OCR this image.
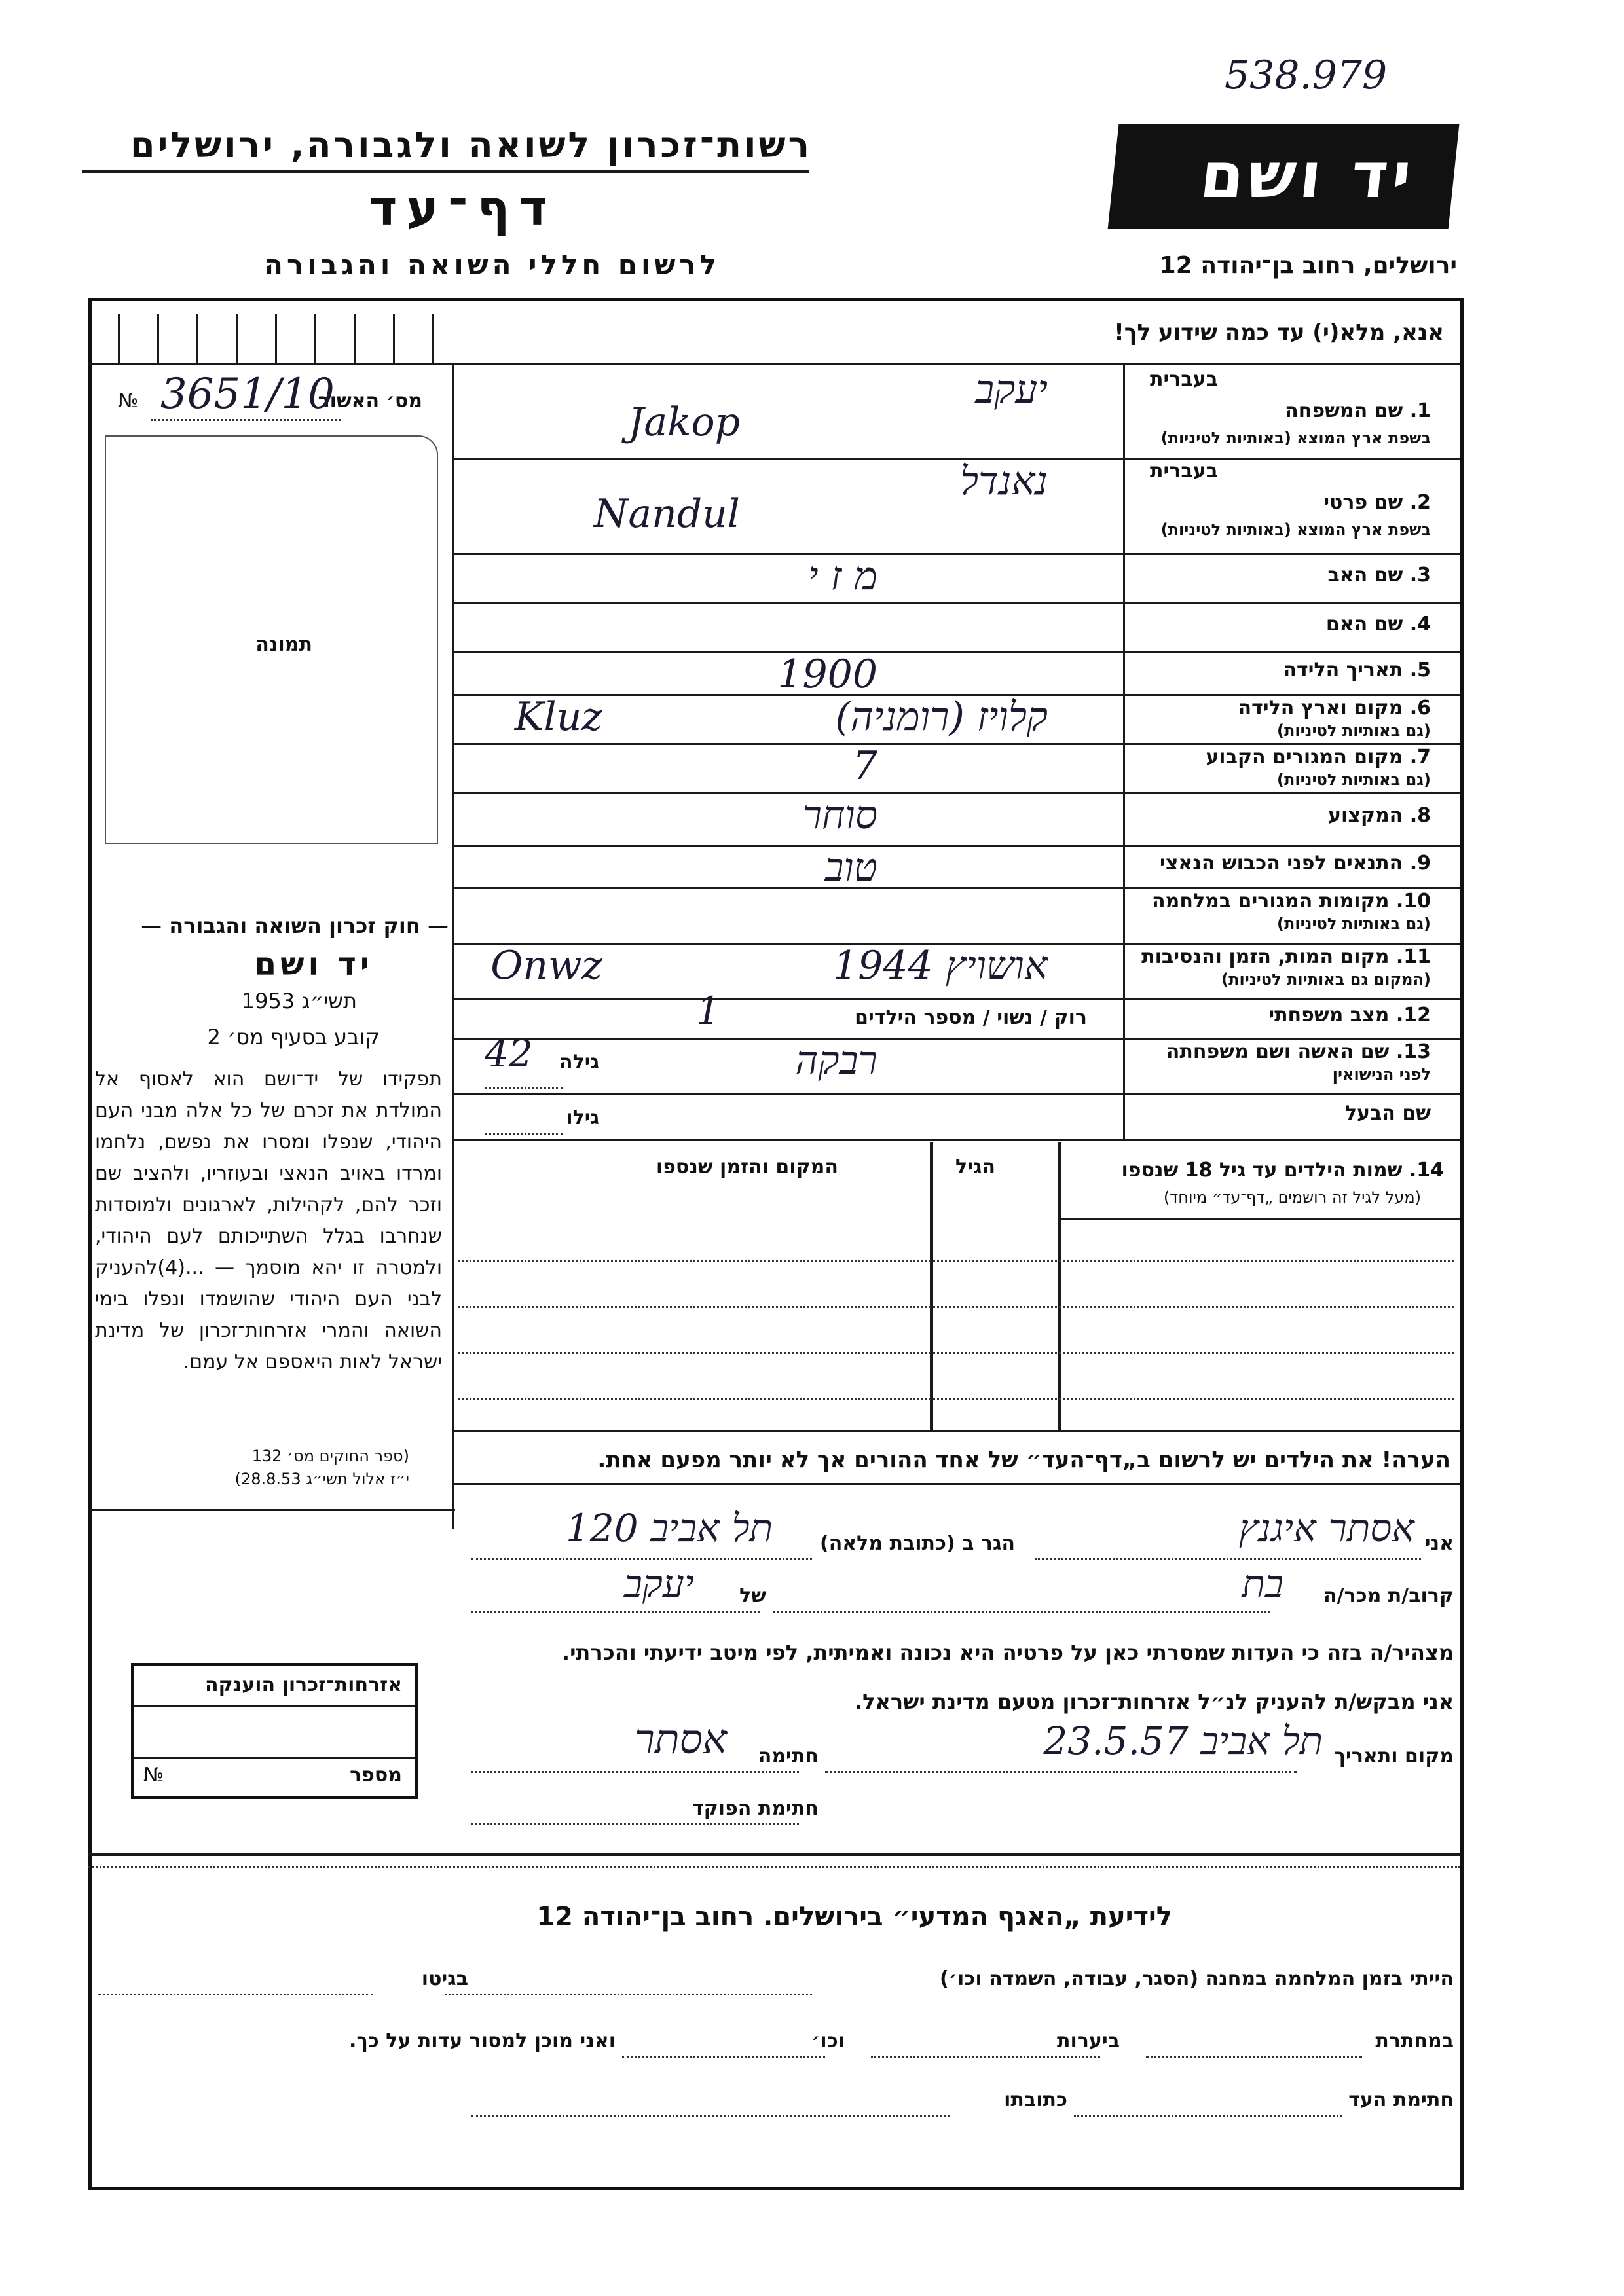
538.979
רשות־זכרון לשואה ולגבורה, ירושלים
דף־עד
לרשום חללי השואה והגבורה
יד ושם
ירושלים, רחוב בן־יהודה 12
אנא, מלא(י) עד כמה שידוע לך!
מס׳ האשור
№ 3651/10
תמונה
1. שם המשפחה
בעברית
בשפת ארץ המוצא (באותיות לטיניות)
יעקב
Jakop
2. שם פרטי
בעברית
בשפת ארץ המוצא (באותיות לטיניות)
נאנדל
Nandul
3. שם האב
מ ז י
4. שם האם
5. תאריך הלידה
1900
6. מקום וארץ הלידה
(גם באותיות לטיניות)
Kluz	קלויז (רומניה)
7. מקום המגורים הקבוע
(גם באותיות לטיניות)
7
8. המקצוע
סוחר
9. התנאים לפני הכבוש הנאצי
טוב
10. מקומות המגורים במלחמה
(גם באותיות לטיניות)
11. מקום המות, הזמן והנסיבות
(המקום גם באותיות לטיניות)
Onwz	אושויץ 1944
12. מצב משפחתי
רוק / נשוי / מספר הילדים
1
13. שם האשה ושם משפחתה
לפני הנישואין
רבקה
גילה
42
שם הבעל
גילו
14. שמות הילדים עד גיל 18 שנספו
(מעל לגיל זה רושמים „דף־עד״ מיוחד)
הגיל
המקום והזמן שנספו
— חוק זכרון השואה והגבורה —
יד ושם
תשי״ג 1953
קובע בסעיף מס׳ 2
תפקידו של יד־ושם הוא לאסוף אל המולדת את זכרם של כל אלה מבני העם היהודי, שנפלו ומסרו את נפשם, נלחמו ומרדו באויב הנאצי ובעוזריו, ולהציב שם וזכר להם, לקהילות, לארגונים ולמוסדות שנחרבו בגלל השתייכותם לעם היהודי, ולמטרה זו יהא מוסמך — ...(4)להעניק לבני העם היהודי שהושמדו ונפלו בימי השואה והמרי אזרחות־זכרון של מדינת ישראל לאות היאספם אל עמם.
(ספר החוקים מס׳ 132
י״ז אלול תשי״ג 28.8.53)
הערה! את הילדים יש לרשום ב„דף־העד״ של אחד ההורים אך לא יותר מפעם אחת.
אני
אסתר איגנץ
הגר ב (כתובת מלאה)
תל אביב 120
קרוב/ת מכר/ה
בת
של
יעקב
מצהיר/ה בזה כי העדות שמסרתי כאן על פרטיה היא נכונה ואמיתית, לפי מיטב ידיעתי והכרתי.
אני מבקש/ת להעניק לנ״ל אזרחות־זכרון מטעם מדינת ישראל.
מקום ותאריך
תל אביב 23.5.57
חתימה
אסתר
חתימת הפוקד
אזרחות־זכרון הוענקה
מספר
№
לידיעת „האגף המדעי״ בירושלים. רחוב בן־יהודה 12
הייתי בזמן המלחמה במחנה (הסגר, עבודה, השמדה וכו׳)
בגיטו
במחתרת
ביערות
וכו׳
ואני מוכן למסור עדות על כך.
חתימת העד
כתובתו
